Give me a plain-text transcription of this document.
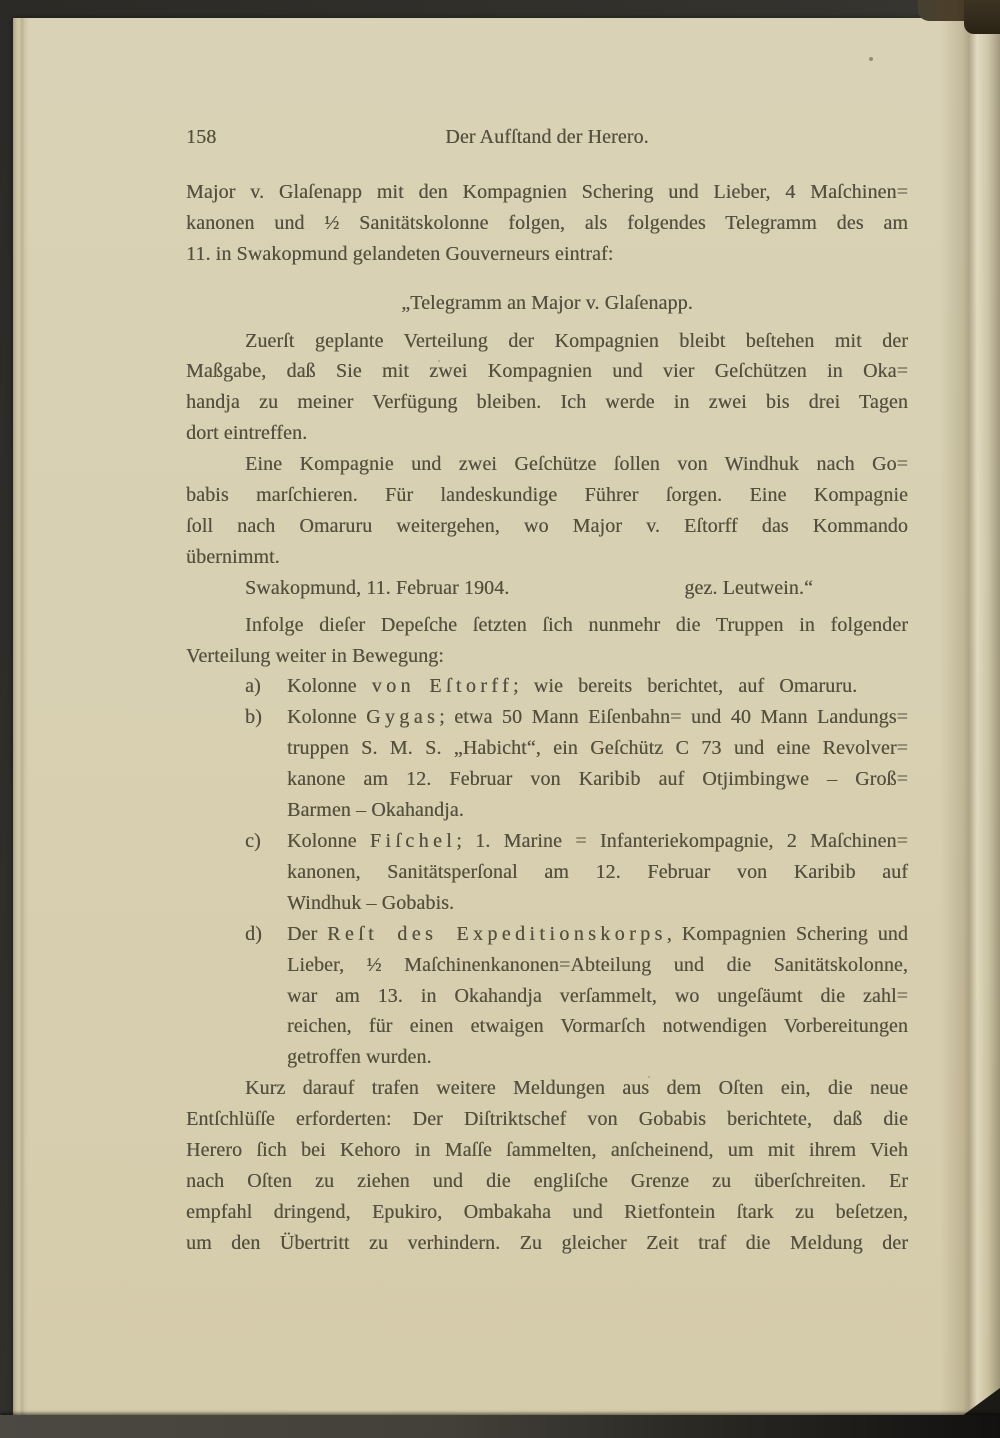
158	Der Aufſtand der Herero.
Major v. Glaſenapp mit den Kompagnien Schering und Lieber, 4 Maſchinen=
kanonen und ½ Sanitätskolonne folgen, als folgendes Telegramm des am
11. in Swakopmund gelandeten Gouverneurs eintraf:
„Telegramm an Major v. Glaſenapp.
Zuerſt geplante Verteilung der Kompagnien bleibt beſtehen mit der
Maßgabe, daß Sie mit zwei Kompagnien und vier Geſchützen in Oka=
handja zu meiner Verfügung bleiben. Ich werde in zwei bis drei Tagen
dort eintreffen.
Eine Kompagnie und zwei Geſchütze ſollen von Windhuk nach Go=
babis marſchieren. Für landeskundige Führer ſorgen. Eine Kompagnie
ſoll nach Omaruru weitergehen, wo Major v. Eſtorff das Kommando
übernimmt.
Swakopmund, 11. Februar 1904.	gez. Leutwein.“
Infolge dieſer Depeſche ſetzten ſich nunmehr die Truppen in folgender
Verteilung weiter in Bewegung:
a) Kolonne von Eſtorff; wie bereits berichtet, auf Omaruru.
b) Kolonne Gygas; etwa 50 Mann Eiſenbahn= und 40 Mann Landungs=
truppen S. M. S. „Habicht“, ein Geſchütz C 73 und eine Revolver=
kanone am 12. Februar von Karibib auf Otjimbingwe – Groß=
Barmen – Okahandja.
c) Kolonne Fiſchel; 1. Marine = Infanteriekompagnie, 2 Maſchinen=
kanonen, Sanitätsperſonal am 12. Februar von Karibib auf
Windhuk – Gobabis.
d) Der Reſt des Expeditionskorps, Kompagnien Schering und
Lieber, ½ Maſchinenkanonen=Abteilung und die Sanitätskolonne,
war am 13. in Okahandja verſammelt, wo ungeſäumt die zahl=
reichen, für einen etwaigen Vormarſch notwendigen Vorbereitungen
getroffen wurden.
Kurz darauf trafen weitere Meldungen aus dem Oſten ein, die neue
Entſchlüſſe erforderten: Der Diſtriktschef von Gobabis berichtete, daß die
Herero ſich bei Kehoro in Maſſe ſammelten, anſcheinend, um mit ihrem Vieh
nach Oſten zu ziehen und die engliſche Grenze zu überſchreiten. Er
empfahl dringend, Epukiro, Ombakaha und Rietfontein ſtark zu beſetzen,
um den Übertritt zu verhindern. Zu gleicher Zeit traf die Meldung der
